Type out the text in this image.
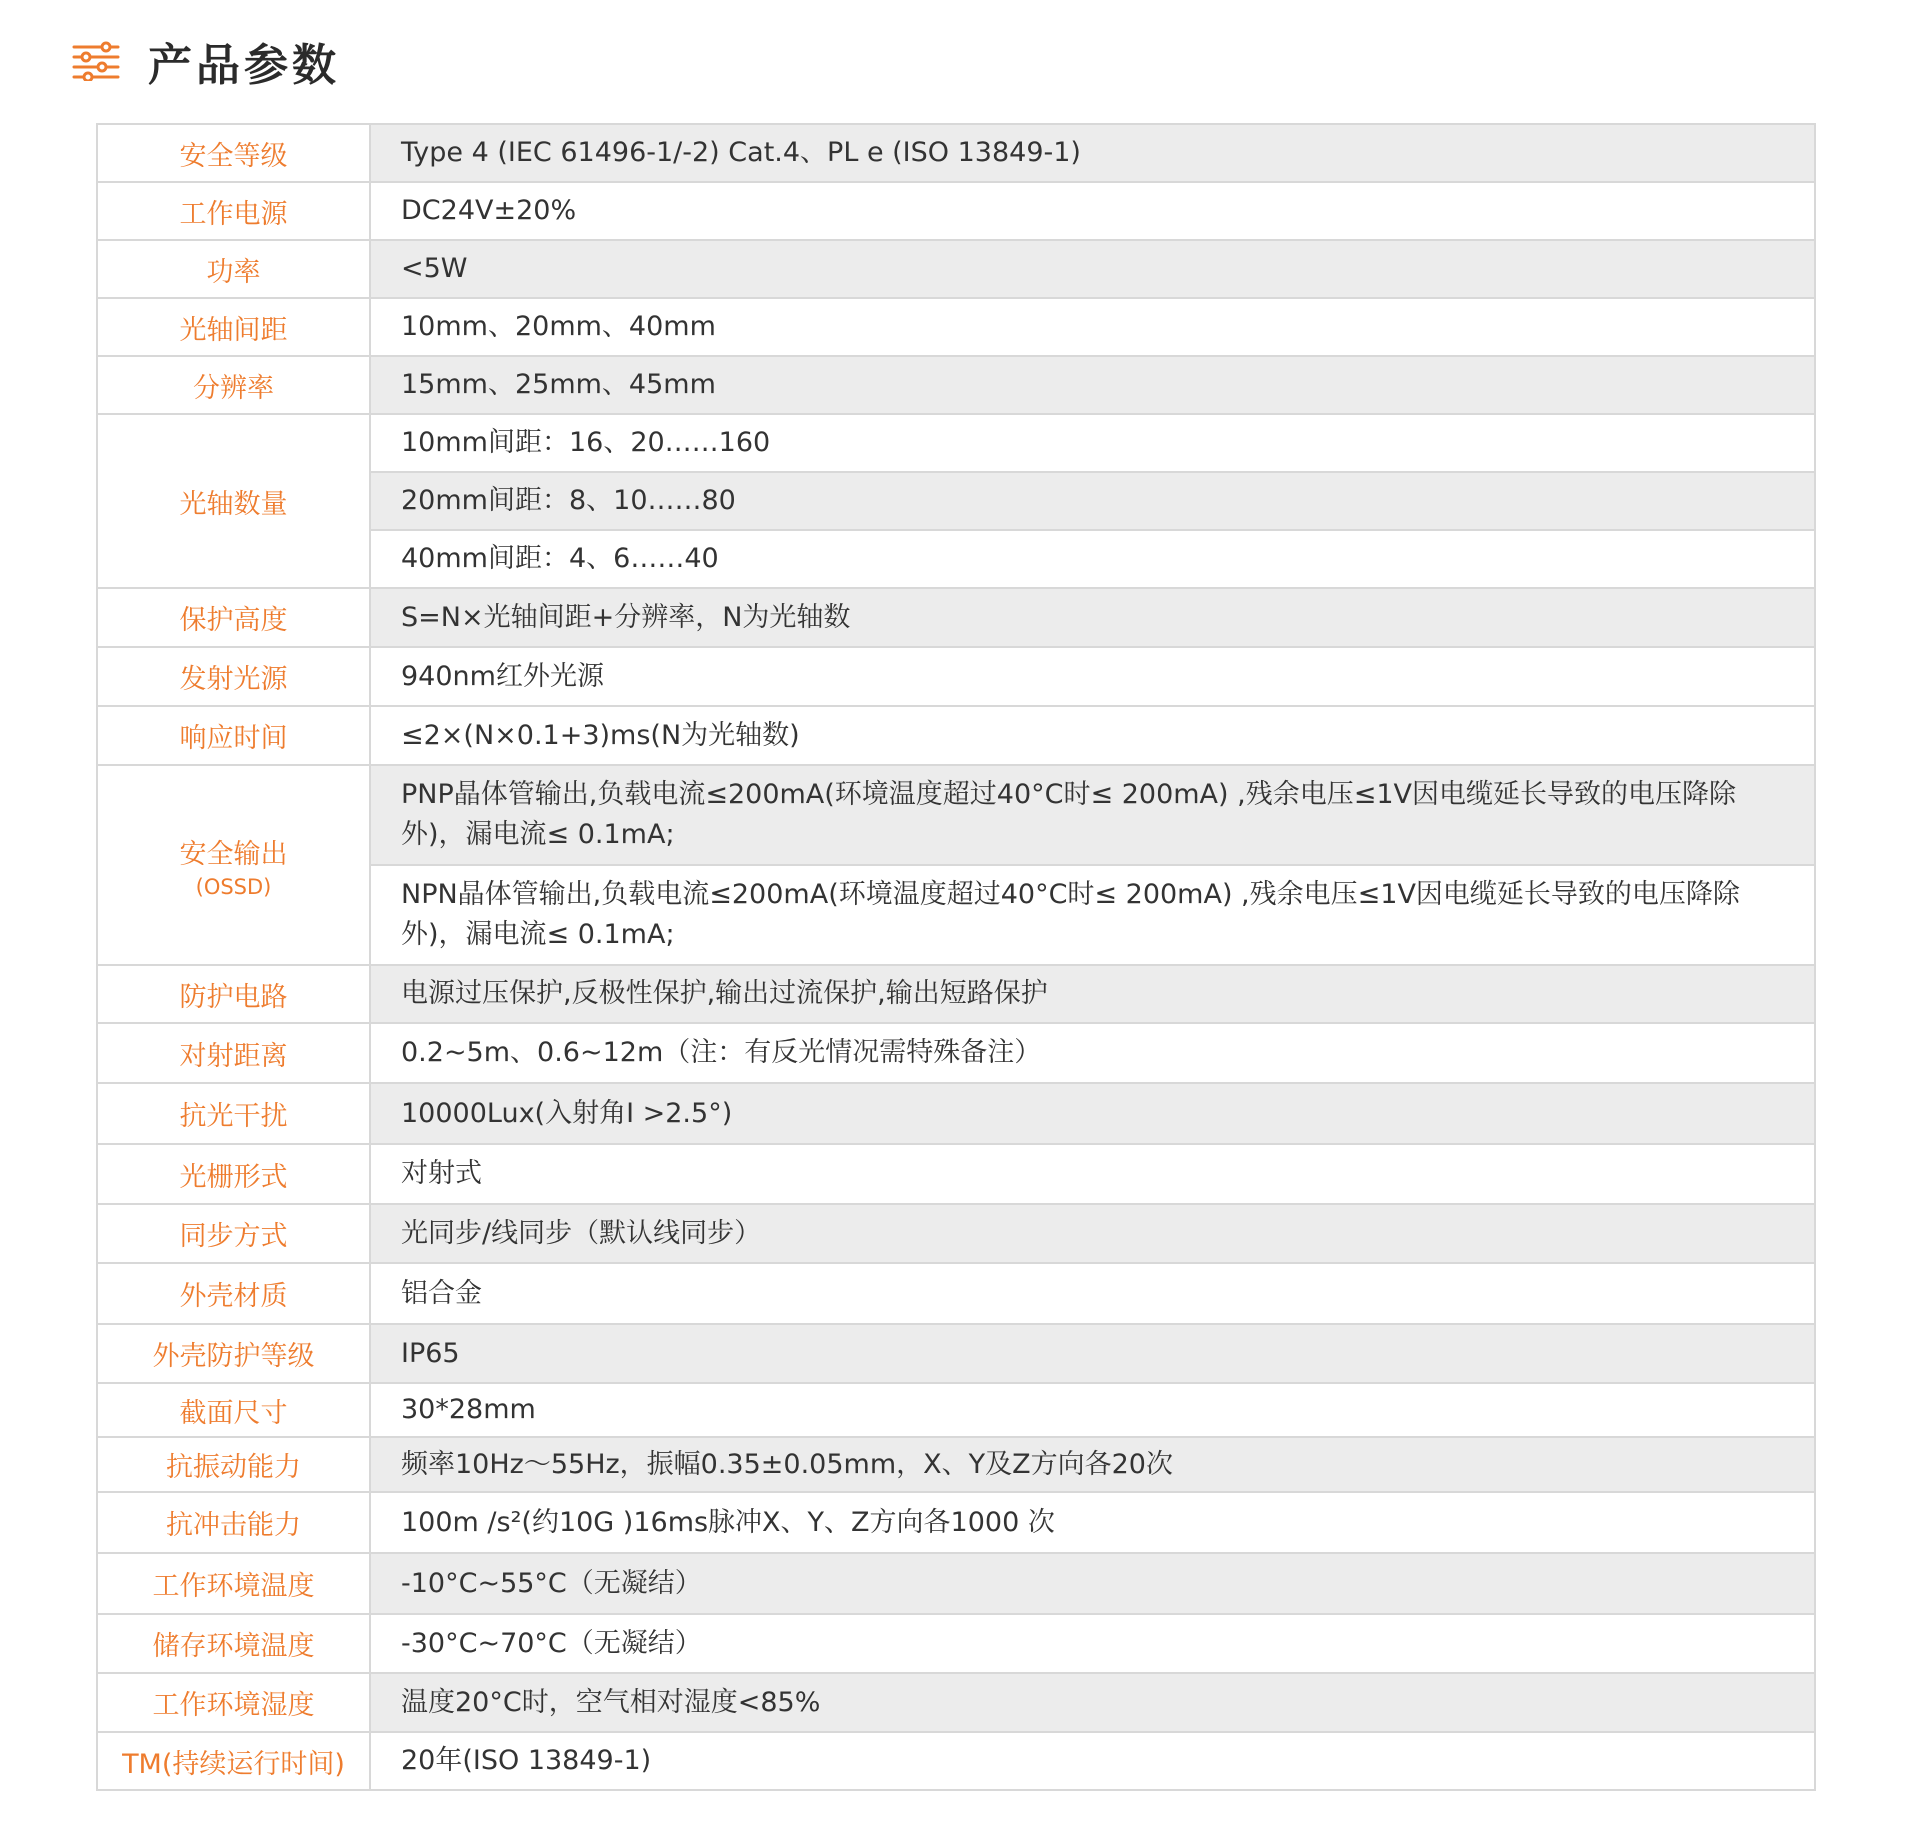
产品参数
安全等级	Type 4 (IEC 61496-1/-2) Cat.4、PL e (ISO 13849-1)
工作电源	DC24V±20%
功率	<5W
光轴间距	10mm、20mm、40mm
分辨率	15mm、25mm、45mm
光轴数量	10mm间距：16、20……160
	20mm间距：8、10……80
	40mm间距：4、6……40
保护高度	S=N×光轴间距+分辨率，N为光轴数
发射光源	940nm红外光源
响应时间	≤2×(N×0.1+3)ms(N为光轴数)
安全输出
(OSSD)	PNP晶体管输出,负载电流≤200mA(环境温度超过40°C时≤ 200mA) ,残余电压≤1V因电缆延长导致的电压降除外)，漏电流≤ 0.1mA;
	NPN晶体管输出,负载电流≤200mA(环境温度超过40°C时≤ 200mA) ,残余电压≤1V因电缆延长导致的电压降除外)，漏电流≤ 0.1mA;
防护电路	电源过压保护,反极性保护,输出过流保护,输出短路保护
对射距离	0.2~5m、0.6~12m（注：有反光情况需特殊备注）
抗光干扰	10000Lux(入射角I >2.5°)
光栅形式	对射式
同步方式	光同步/线同步（默认线同步）
外壳材质	铝合金
外壳防护等级	IP65
截面尺寸	30*28mm
抗振动能力	频率10Hz～55Hz，振幅0.35±0.05mm，X、Y及Z方向各20次
抗冲击能力	100m /s²(约10G )16ms脉冲X、Y、Z方向各1000 次
工作环境温度	-10°C~55°C（无凝结）
储存环境温度	-30°C~70°C（无凝结）
工作环境湿度	温度20°C时，空气相对湿度<85%
TM(持续运行时间)	20年(ISO 13849-1)
